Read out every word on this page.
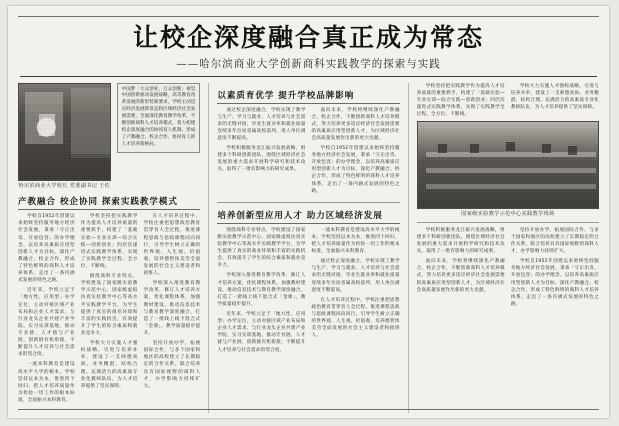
让校企深度融合真正成为常态
——哈尔滨商业大学创新商科实践教学的探索与实践
哈尔滨商业大学校长 党委副书记 王佐
中国梦「大众创业，万众创新」视觉中国创新驱动发展战略，高等教育改革发展的新形势新要求，学校主动适应经济发展新常态和区域经济社会发展需要，全面深化教育教学改革，不断创新商科人才培养模式，着力构建校企深度融合的协同育人机制，形成了产教融合、校企合作、协同育人的人才培养新格局。
产教融合 校企协同 探索实践教学模式

学校自1952年创建以来始终坚持服务地方经济社会发展，秉承「守正出奇、开放包容」的办学理念，以培养高素质应用型创新人才为目标，深化产教融合、校企合作，形成了特色鲜明的商科人才培养体系，走出了一条内涵式发展的特色之路。

近年来，学校立足于「地方性、应用型」办学定位，主动对接区域产业布局和企业人才需求，与行业龙头企业共建产业学院、实习实训基地，推动专业链、人才链与产业链、创新链有机衔接，不断提升人才培养与社会需求的契合度。

一流本科教育是建设高水平大学的根本，学校坚持以本为本，推进四个回归，把人才培养质量作为检验一切工作的根本标准，全面振兴本科教育。

学校坚持把实践教学作为提高人才培养质量的重要抓手，构建了「基础实验—专业实训—综合实践—创新创业」四层次递进式实践教学体系，实现了实践教学全过程、全方位、不断线。

围绕商科专业特点，学校建设了国家级实验教学示范中心、国家级虚拟仿真实验教学中心等高水平实践教学平台，为学生提供了真实的商业环境和丰富的实践机会，有效提升了学生的综合素质和就业竞争力。

学校大力实施人才强校战略，引进与培养并举，建设了一支师德高尚、业务精湛、结构合理、充满活力的高素质专业化教师队伍，为人才培养提供了坚实保障。

在人才培养过程中，学校注重把思想政治教育贯穿育人全过程，推进课程思政与思政课程同向同行，引导学生树立正确的世界观、人生观、价值观，培养德智体美劳全面发展的社会主义建设者和接班人。

学校深入推进教育教学改革，修订人才培养方案，优化课程体系，加强教材建设，推动信息技术与教育教学深度融合，打造了一批线上线下混合式「金课」，教学质量稳步提升。

坚持开放办学，拓展国际合作，与多个国家和地区的高校建立了长期稳定的合作关系，联合培养具有国际视野的商科人才，办学影响力持续扩大。

以素质育优学 提升学校品牌影响

通过校企深度融合，学校实现了教学与生产、学习与就业、人才培养与社会需求的无缝对接，毕业生就业率和就业质量连续多年位居省属高校前列，用人单位满意度不断提高。

学校积极服务龙江振兴发展战略，组建多个科研创新团队，围绕区域经济社会发展的重大需求开展科学研究和技术攻关，取得了一批有影响力的研究成果。

面向未来，学校将继续深化产教融合、校企合作，不断创新商科人才培养模式，努力培养更多适应经济社会发展需要的高素质应用型创新人才，为区域经济社会高质量发展作出新的更大贡献。

学校自1952年创建以来始终坚持服务地方经济社会发展，秉承「守正出奇、开放包容」的办学理念，以培养高素质应用型创新人才为目标，深化产教融合、校企合作，形成了特色鲜明的商科人才培养体系，走出了一条内涵式发展的特色之路。

培养创新型应用人才 助力区域经济发展

围绕商科专业特点，学校建设了国家级实验教学示范中心、国家级虚拟仿真实验教学中心等高水平实践教学平台，为学生提供了真实的商业环境和丰富的实践机会，有效提升了学生的综合素质和就业竞争力。

学校深入推进教育教学改革，修订人才培养方案，优化课程体系，加强教材建设，推动信息技术与教育教学深度融合，打造了一批线上线下混合式「金课」，教学质量稳步提升。

近年来，学校立足于「地方性、应用型」办学定位，主动对接区域产业布局和企业人才需求，与行业龙头企业共建产业学院、实习实训基地，推动专业链、人才链与产业链、创新链有机衔接，不断提升人才培养与社会需求的契合度。

一流本科教育是建设高水平大学的根本，学校坚持以本为本，推进四个回归，把人才培养质量作为检验一切工作的根本标准，全面振兴本科教育。

通过校企深度融合，学校实现了教学与生产、学习与就业、人才培养与社会需求的无缝对接，毕业生就业率和就业质量连续多年位居省属高校前列，用人单位满意度不断提高。

在人才培养过程中，学校注重把思想政治教育贯穿育人全过程，推进课程思政与思政课程同向同行，引导学生树立正确的世界观、人生观、价值观，培养德智体美劳全面发展的社会主义建设者和接班人。

学校坚持把实践教学作为提高人才培养质量的重要抓手，构建了「基础实验—专业实训—综合实践—创新创业」四层次递进式实践教学体系，实现了实践教学全过程、全方位、不断线。

学校大力实施人才强校战略，引进与培养并举，建设了一支师德高尚、业务精湛、结构合理、充满活力的高素质专业化教师队伍，为人才培养提供了坚实保障。

国家级实验教学示范中心实践教学现场

学校积极服务龙江振兴发展战略，组建多个科研创新团队，围绕区域经济社会发展的重大需求开展科学研究和技术攻关，取得了一批有影响力的研究成果。

面向未来，学校将继续深化产教融合、校企合作，不断创新商科人才培养模式，努力培养更多适应经济社会发展需要的高素质应用型创新人才，为区域经济社会高质量发展作出新的更大贡献。

坚持开放办学，拓展国际合作，与多个国家和地区的高校建立了长期稳定的合作关系，联合培养具有国际视野的商科人才，办学影响力持续扩大。

学校自1952年创建以来始终坚持服务地方经济社会发展，秉承「守正出奇、开放包容」的办学理念，以培养高素质应用型创新人才为目标，深化产教融合、校企合作，形成了特色鲜明的商科人才培养体系，走出了一条内涵式发展的特色之路。
